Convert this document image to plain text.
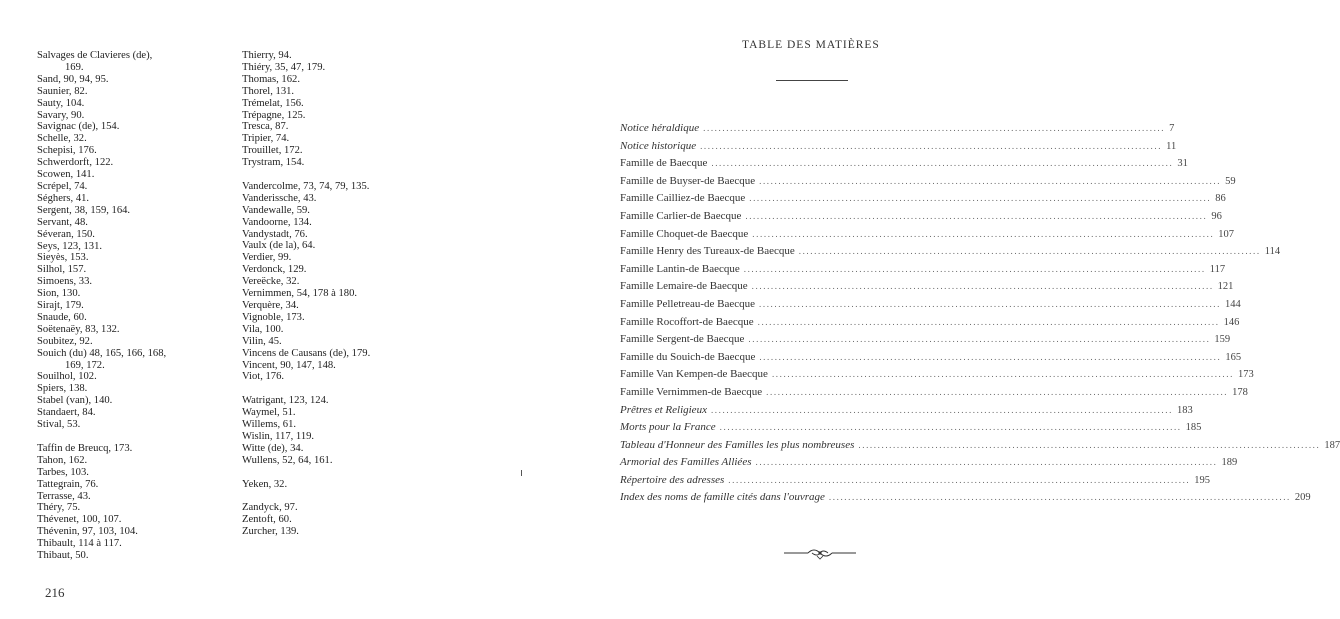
Salvages de Clavieres (de),
169.
Sand, 90, 94, 95.
Saunier, 82.
Sauty, 104.
Savary, 90.
Savignac (de), 154.
Schelle, 32.
Schepisi, 176.
Schwerdorft, 122.
Scowen, 141.
Scrépel, 74.
Séghers, 41.
Sergent, 38, 159, 164.
Servant, 48.
Séveran, 150.
Seys, 123, 131.
Sieyès, 153.
Silhol, 157.
Simoens, 33.
Sion, 130.
Sirajt, 179.
Snaude, 60.
Soëtenaëy, 83, 132.
Soubitez, 92.
Souich (du) 48, 165, 166, 168,
169, 172.
Souilhol, 102.
Spiers, 138.
Stabel (van), 140.
Standaert, 84.
Stival, 53.
Taffin de Breucq, 173.
Tahon, 162.
Tarbes, 103.
Tattegrain, 76.
Terrasse, 43.
Théry, 75.
Thévenet, 100, 107.
Thévenin, 97, 103, 104.
Thibault, 114 à 117.
Thibaut, 50.
Thierry, 94.
Thiéry, 35, 47, 179.
Thomas, 162.
Thorel, 131.
Trémelat, 156.
Trépagne, 125.
Tresca, 87.
Tripier, 74.
Trouillet, 172.
Trystram, 154.
Vandercolme, 73, 74, 79, 135.
Vanderissche, 43.
Vandewalle, 59.
Vandoorne, 134.
Vandystadt, 76.
Vaulx (de la), 64.
Verdier, 99.
Verdonck, 129.
Vereëcke, 32.
Vernimmen, 54, 178 à 180.
Verquère, 34.
Vignoble, 173.
Vila, 100.
Vilin, 45.
Vincens de Causans (de), 179.
Vincent, 90, 147, 148.
Viot, 176.
Watrigant, 123, 124.
Waymel, 51.
Willems, 61.
Wislin, 117, 119.
Witte (de), 34.
Wullens, 52, 64, 161.
Yeken, 32.
Zandyck, 97.
Zentoft, 60.
Zurcher, 139.
216
TABLE DES MATIÈRES
Notice héraldique ........................................................................................................................ 7
Notice historique ........................................................................................................................ 11
Famille de Baecque ........................................................................................................................ 31
Famille de Buyser-de Baecque ........................................................................................................................ 59
Famille Cailliez-de Baecque ........................................................................................................................ 86
Famille Carlier-de Baecque ........................................................................................................................ 96
Famille Choquet-de Baecque ........................................................................................................................ 107
Famille Henry des Tureaux-de Baecque ........................................................................................................................ 114
Famille Lantin-de Baecque ........................................................................................................................ 117
Famille Lemaire-de Baecque ........................................................................................................................ 121
Famille Pelletreau-de Baecque ........................................................................................................................ 144
Famille Rocoffort-de Baecque ........................................................................................................................ 146
Famille Sergent-de Baecque ........................................................................................................................ 159
Famille du Souich-de Baecque ........................................................................................................................ 165
Famille Van Kempen-de Baecque ........................................................................................................................ 173
Famille Vernimmen-de Baecque ........................................................................................................................ 178
Prêtres et Religieux ........................................................................................................................ 183
Morts pour la France ........................................................................................................................ 185
Tableau d'Honneur des Familles les plus nombreuses ........................................................................................................................ 187
Armorial des Familles Alliées ........................................................................................................................ 189
Répertoire des adresses ........................................................................................................................ 195
Index des noms de famille cités dans l'ouvrage ........................................................................................................................ 209
